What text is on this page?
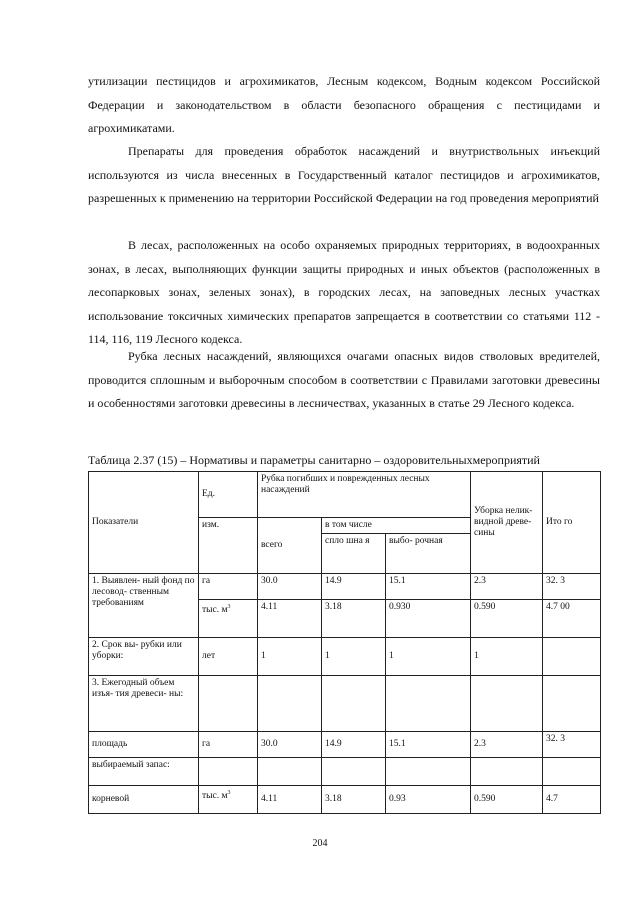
утилизации пестицидов и агрохимикатов, Лесным кодексом, Водным кодексом Российской Федерации и законодательством в области безопасного обращения с пестицидами и агрохимикатами.

Препараты для проведения обработок насаждений и внутриствольных инъекций используются из числа внесенных в Государственный каталог пестицидов и агрохимикатов, разрешенных к применению на территории Российской Федерации на год проведения мероприятий

В лесах, расположенных на особо охраняемых природных территориях, в водоохранных зонах, в лесах, выполняющих функции защиты природных и иных объектов (расположенных в лесопарковых зонах, зеленых зонах), в городских лесах, на заповедных лесных участках использование токсичных химических препаратов запрещается в соответствии со статьями 112 - 114, 116, 119 Лесного кодекса.

Рубка лесных насаждений, являющихся очагами опасных видов стволовых вредителей, проводится сплошным и выборочным способом в соответствии с Правилами заготовки древесины и особенностями заготовки древесины в лесничествах, указанных в статье 29 Лесного кодекса.

Таблица 2.37 (15) – Нормативы и параметры санитарно – оздоровительныхмероприятий
Показатели	Ед.	Рубка погибших и поврежденных лесных насаждений			Уборка нелик- видной древе- сины	Ито го
	изм.	всего	в том числе			
			спло шна я	выбо- рочная		
1. Выявлен- ный фонд по лесовод- ственным требованиям	га	30.0	14.9	15.1	2.3	32. 3
	тыс. $м^3$	4.11	3.18	0.930	0.590	4.7 00
2. Срок вы- рубки или уборки:	лет	1	1	1	1	
3. Ежегодный объем изъя- тия древеси- ны:						
площадь	га	30.0	14.9	15.1	2.3	32. 3
выбираемый запас:						
корневой	тыс. $м^3$	4.11	3.18	0.93	0.590	4.7
204
